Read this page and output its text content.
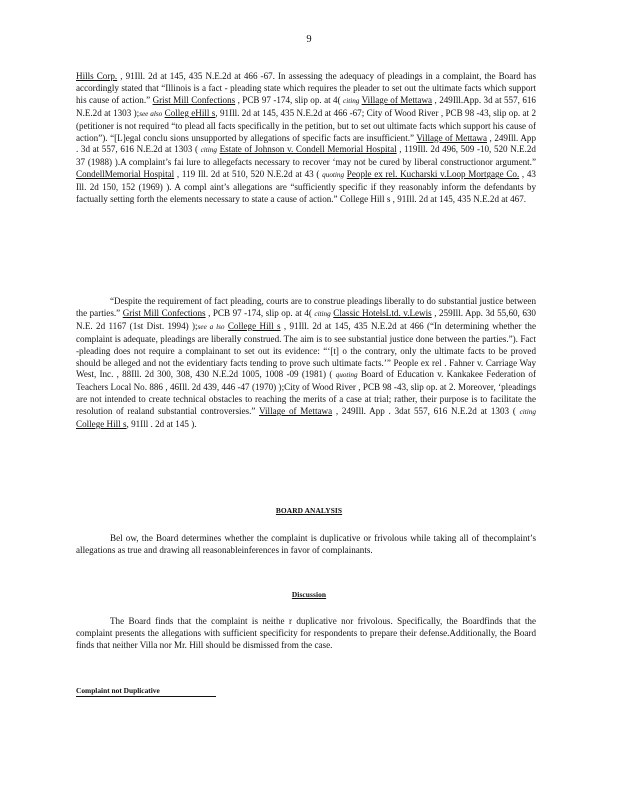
9

Hills Corp. , 91Ill. 2d at 145, 435 N.E.2d at 466 -67. In assessing the adequacy of pleadings in a complaint, the Board has accordingly stated that “Illinois is a fact - pleading state which requires the pleader to set out the ultimate facts which support his cause of action.” Grist Mill Confections , PCB 97 -174, slip op. at 4( citing Village of Mettawa , 249Ill.App. 3d at 557, 616 N.E.2d at 1303 );see also Colleg eHill s, 91Ill. 2d at 145, 435 N.E.2d at 466 -67; City of Wood River , PCB 98 -43, slip op. at 2 (petitioner is not required “to plead all facts specifically in the petition, but to set out ultimate facts which support his cause of action”). “[L]egal conclu sions unsupported by allegations of specific facts are insufficient.” Village of Mettawa , 249Ill. App . 3d at 557, 616 N.E.2d at 1303 ( citing Estate of Johnson v. Condell Memorial Hospital , 119Ill. 2d 496, 509 -10, 520 N.E.2d 37 (1988) ).A complaint’s fai lure to allegefacts necessary to recover ‘may not be cured by liberal constructionor argument.” CondellMemorial Hospital , 119 Ill. 2d at 510, 520 N.E.2d at 43 ( quoting People ex rel. Kucharski v.Loop Mortgage Co. , 43 Ill. 2d 150, 152 (1969) ). A compl aint’s allegations are “sufficiently specific if they reasonably inform the defendants by factually setting forth the elements necessary to state a cause of action.” College Hill s , 91Ill. 2d at 145, 435 N.E.2d at 467.

“Despite the requirement of fact pleading, courts are to construe pleadings liberally to do substantial justice between the parties.” Grist Mill Confections , PCB 97 -174, slip op. at 4( citing Classic HotelsLtd. v.Lewis , 259Ill. App. 3d 55,60, 630 N.E. 2d 1167 (1st Dist. 1994) );see a lso College Hill s , 91Ill. 2d at 145, 435 N.E.2d at 466 (“In determining whether the complaint is adequate, pleadings are liberally construed. The aim is to see substantial justice done between the parties.”). Fact -pleading does not require a complainant to set out its evidence: “‘[t] o the contrary, only the ultimate facts to be proved should be alleged and not the evidentiary facts tending to prove such ultimate facts.’” People ex rel . Fahner v. Carriage Way West, Inc. , 88Ill. 2d 300, 308, 430 N.E.2d 1005, 1008 -09 (1981) ( quoting Board of Education v. Kankakee Federation of Teachers Local No. 886 , 46Ill. 2d 439, 446 -47 (1970) );City of Wood River , PCB 98 -43, slip op. at 2. Moreover, ‘pleadings are not intended to create technical obstacles to reaching the merits of a case at trial; rather, their purpose is to facilitate the resolution of realand substantial controversies.” Village of Mettawa , 249Ill. App . 3dat 557, 616 N.E.2d at 1303 ( citing College Hill s, 91Ill . 2d at 145 ).

BOARD ANALYSIS

Bel ow, the Board determines whether the complaint is duplicative or frivolous while taking all of thecomplaint’s allegations as true and drawing all reasonableinferences in favor of complainants.

Discussion

The Board finds that the complaint is neithe r duplicative nor frivolous. Specifically, the Boardfinds that the complaint presents the allegations with sufficient specificity for respondents to prepare their defense.Additionally, the Board finds that neither Villa nor Mr. Hill should be dismissed from the case.

Complaint not Duplicative
